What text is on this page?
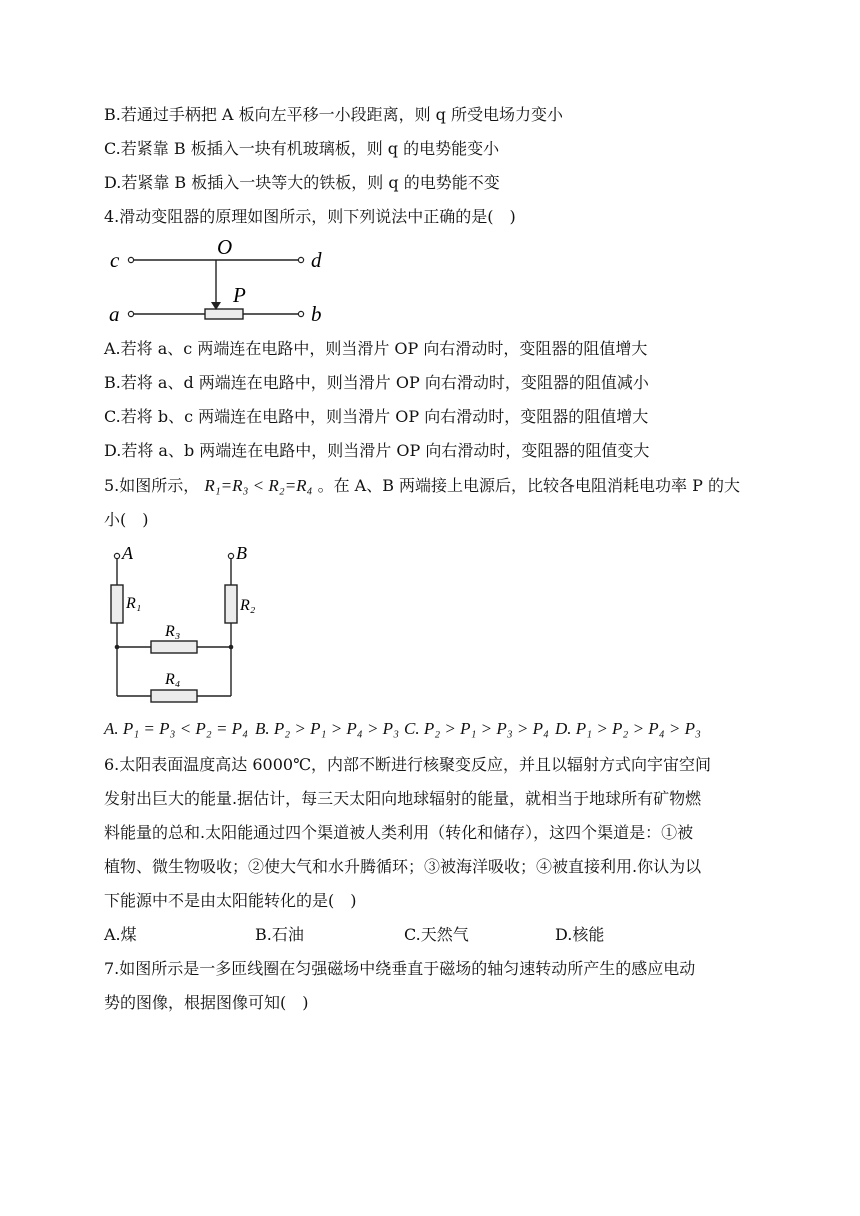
B.若通过手柄把 A 板向左平移一小段距离，则 q 所受电场力变小
C.若紧靠 B 板插入一块有机玻璃板，则 q 的电势能变小
D.若紧靠 B 板插入一块等大的铁板，则 q 的电势能不变
4.滑动变阻器的原理如图所示，则下列说法中正确的是(　)
c
O
d
a
P
b
A.若将 a、c 两端连在电路中，则当滑片 OP 向右滑动时，变阻器的阻值增大
B.若将 a、d 两端连在电路中，则当滑片 OP 向右滑动时，变阻器的阻值减小
C.若将 b、c 两端连在电路中，则当滑片 OP 向右滑动时，变阻器的阻值增大
D.若将 a、b 两端连在电路中，则当滑片 OP 向右滑动时，变阻器的阻值变大
5.如图所示， R₁=R₃ < R₂=R₄ 。在 A、B 两端接上电源后，比较各电阻消耗电功率 P 的大
小(　)
A	B
R₁	R₂
R₃
R₄
A. P₁ = P₃ < P₂ = P₄ B. P₂ > P₁ > P₄ > P₃ C. P₂ > P₁ > P₃ > P₄ D. P₁ > P₂ > P₄ > P₃
6.太阳表面温度高达 6000℃，内部不断进行核聚变反应，并且以辐射方式向宇宙空间
发射出巨大的能量.据估计，每三天太阳向地球辐射的能量，就相当于地球所有矿物燃
料能量的总和.太阳能通过四个渠道被人类利用（转化和储存），这四个渠道是：①被
植物、微生物吸收；②使大气和水升腾循环；③被海洋吸收；④被直接利用.你认为以
下能源中不是由太阳能转化的是(　)
A.煤	B.石油	C.天然气	D.核能
7.如图所示是一多匝线圈在匀强磁场中绕垂直于磁场的轴匀速转动所产生的感应电动
势的图像，根据图像可知(　)
